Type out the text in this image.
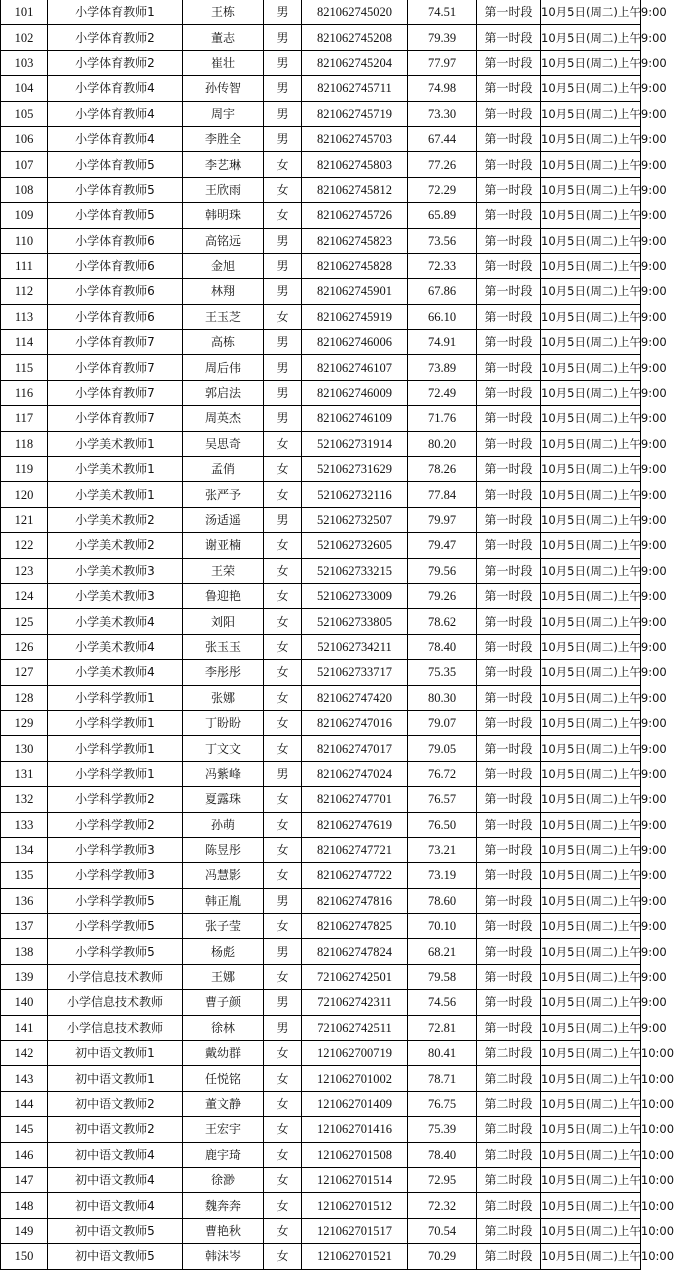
101	小学体育教师1	王栋	男	821062745020	74.51	第一时段	10月5日(周二)上午9:00
102	小学体育教师2	董志	男	821062745208	79.39	第一时段	10月5日(周二)上午9:00
103	小学体育教师2	崔壮	男	821062745204	77.97	第一时段	10月5日(周二)上午9:00
104	小学体育教师4	孙传智	男	821062745711	74.98	第一时段	10月5日(周二)上午9:00
105	小学体育教师4	周宇	男	821062745719	73.30	第一时段	10月5日(周二)上午9:00
106	小学体育教师4	李胜全	男	821062745703	67.44	第一时段	10月5日(周二)上午9:00
107	小学体育教师5	李艺琳	女	821062745803	77.26	第一时段	10月5日(周二)上午9:00
108	小学体育教师5	王欣雨	女	821062745812	72.29	第一时段	10月5日(周二)上午9:00
109	小学体育教师5	韩明珠	女	821062745726	65.89	第一时段	10月5日(周二)上午9:00
110	小学体育教师6	高铭远	男	821062745823	73.56	第一时段	10月5日(周二)上午9:00
111	小学体育教师6	金旭	男	821062745828	72.33	第一时段	10月5日(周二)上午9:00
112	小学体育教师6	林翔	男	821062745901	67.86	第一时段	10月5日(周二)上午9:00
113	小学体育教师6	王玉芝	女	821062745919	66.10	第一时段	10月5日(周二)上午9:00
114	小学体育教师7	高栋	男	821062746006	74.91	第一时段	10月5日(周二)上午9:00
115	小学体育教师7	周后伟	男	821062746107	73.89	第一时段	10月5日(周二)上午9:00
116	小学体育教师7	郭启法	男	821062746009	72.49	第一时段	10月5日(周二)上午9:00
117	小学体育教师7	周英杰	男	821062746109	71.76	第一时段	10月5日(周二)上午9:00
118	小学美术教师1	吴思奇	女	521062731914	80.20	第一时段	10月5日(周二)上午9:00
119	小学美术教师1	孟俏	女	521062731629	78.26	第一时段	10月5日(周二)上午9:00
120	小学美术教师1	张严予	女	521062732116	77.84	第一时段	10月5日(周二)上午9:00
121	小学美术教师2	汤适遥	男	521062732507	79.97	第一时段	10月5日(周二)上午9:00
122	小学美术教师2	谢亚楠	女	521062732605	79.47	第一时段	10月5日(周二)上午9:00
123	小学美术教师3	王荣	女	521062733215	79.56	第一时段	10月5日(周二)上午9:00
124	小学美术教师3	鲁迎艳	女	521062733009	79.26	第一时段	10月5日(周二)上午9:00
125	小学美术教师4	刘阳	女	521062733805	78.62	第一时段	10月5日(周二)上午9:00
126	小学美术教师4	张玉玉	女	521062734211	78.40	第一时段	10月5日(周二)上午9:00
127	小学美术教师4	李彤彤	女	521062733717	75.35	第一时段	10月5日(周二)上午9:00
128	小学科学教师1	张娜	女	821062747420	80.30	第一时段	10月5日(周二)上午9:00
129	小学科学教师1	丁盼盼	女	821062747016	79.07	第一时段	10月5日(周二)上午9:00
130	小学科学教师1	丁文文	女	821062747017	79.05	第一时段	10月5日(周二)上午9:00
131	小学科学教师1	冯紫峰	男	821062747024	76.72	第一时段	10月5日(周二)上午9:00
132	小学科学教师2	夏露珠	女	821062747701	76.57	第一时段	10月5日(周二)上午9:00
133	小学科学教师2	孙萌	女	821062747619	76.50	第一时段	10月5日(周二)上午9:00
134	小学科学教师3	陈昱彤	女	821062747721	73.21	第一时段	10月5日(周二)上午9:00
135	小学科学教师3	冯慧影	女	821062747722	73.19	第一时段	10月5日(周二)上午9:00
136	小学科学教师5	韩正胤	男	821062747816	78.60	第一时段	10月5日(周二)上午9:00
137	小学科学教师5	张子莹	女	821062747825	70.10	第一时段	10月5日(周二)上午9:00
138	小学科学教师5	杨彪	男	821062747824	68.21	第一时段	10月5日(周二)上午9:00
139	小学信息技术教师	王娜	女	721062742501	79.58	第一时段	10月5日(周二)上午9:00
140	小学信息技术教师	曹子颜	男	721062742311	74.56	第一时段	10月5日(周二)上午9:00
141	小学信息技术教师	徐林	男	721062742511	72.81	第一时段	10月5日(周二)上午9:00
142	初中语文教师1	戴幼群	女	121062700719	80.41	第二时段	10月5日(周二)上午10:00
143	初中语文教师1	任悦铭	女	121062701002	78.71	第二时段	10月5日(周二)上午10:00
144	初中语文教师2	董文静	女	121062701409	76.75	第二时段	10月5日(周二)上午10:00
145	初中语文教师2	王宏宇	女	121062701416	75.39	第二时段	10月5日(周二)上午10:00
146	初中语文教师4	鹿宇琦	女	121062701508	78.40	第二时段	10月5日(周二)上午10:00
147	初中语文教师4	徐渺	女	121062701514	72.95	第二时段	10月5日(周二)上午10:00
148	初中语文教师4	魏奔奔	女	121062701512	72.32	第二时段	10月5日(周二)上午10:00
149	初中语文教师5	曹艳秋	女	121062701517	70.54	第二时段	10月5日(周二)上午10:00
150	初中语文教师5	韩沫岑	女	121062701521	70.29	第二时段	10月5日(周二)上午10:00
